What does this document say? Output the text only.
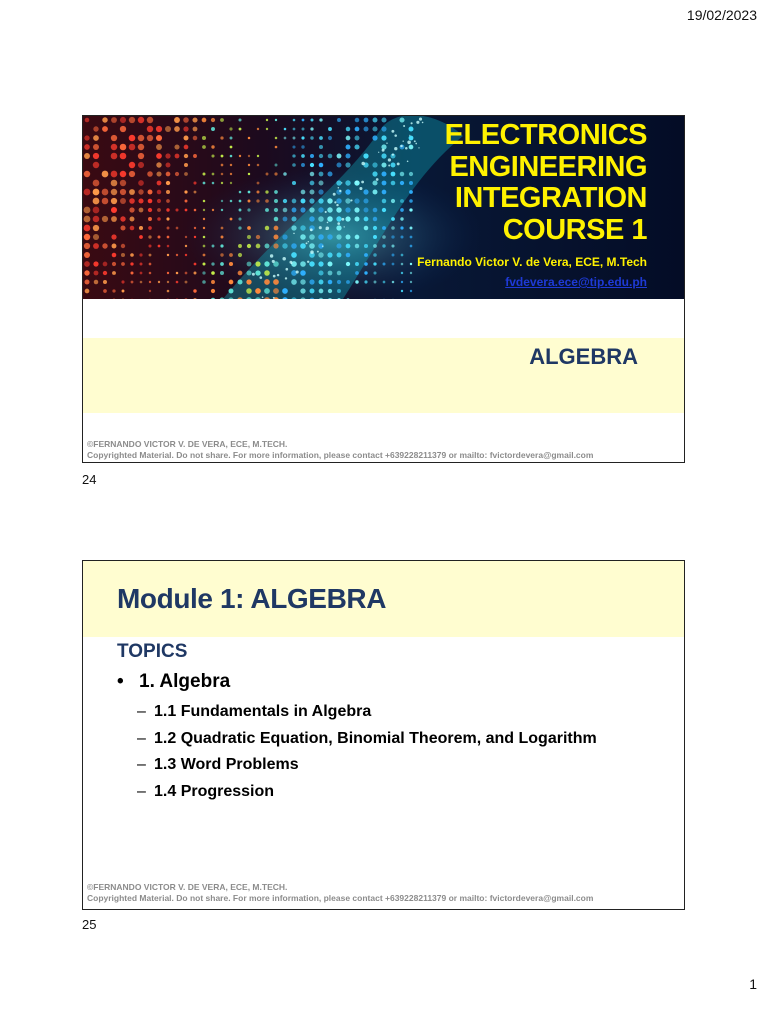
19/02/2023
ELECTRONICS
ENGINEERING
INTEGRATION
COURSE 1
Fernando Victor V. de Vera, ECE, M.Tech
fvdevera.ece@tip.edu.ph
ALGEBRA
©FERNANDO VICTOR V. DE VERA, ECE, M.TECH.
Copyrighted Material. Do not share. For more information, please contact +639228211379 or mailto: fvictordevera@gmail.com
24
Module 1: ALGEBRA
TOPICS
• 1. Algebra
– 1.1 Fundamentals in Algebra
– 1.2 Quadratic Equation, Binomial Theorem, and Logarithm
– 1.3 Word Problems
– 1.4 Progression
©FERNANDO VICTOR V. DE VERA, ECE, M.TECH.
Copyrighted Material. Do not share. For more information, please contact +639228211379 or mailto: fvictordevera@gmail.com
25
1
